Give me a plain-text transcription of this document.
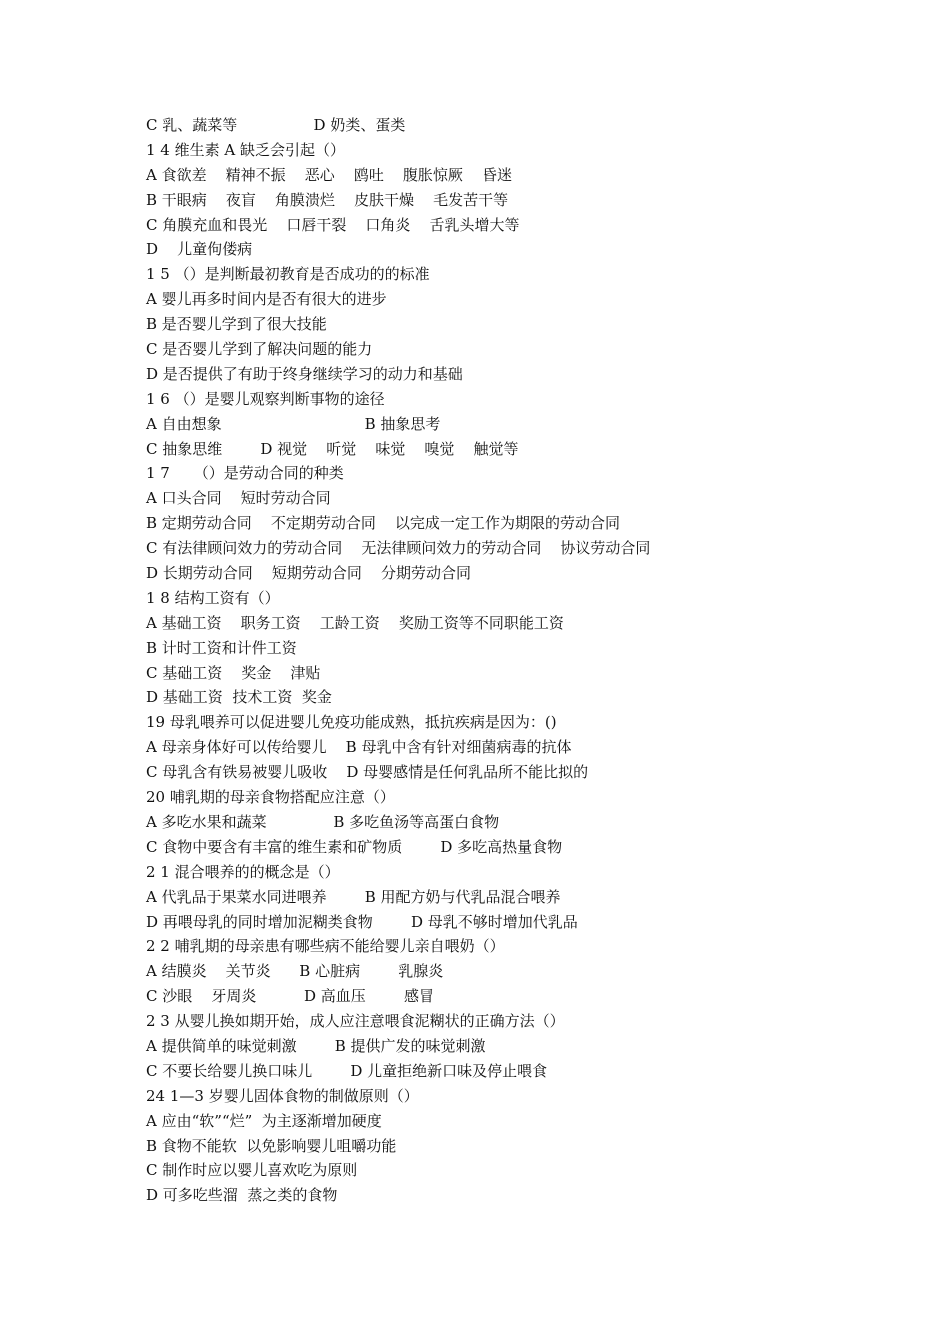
C 乳、蔬菜等                D 奶类、蛋类
1 4 维生素 A 缺乏会引起（）
A 食欲差    精神不振    恶心    鸥吐    腹胀惊厥    昏迷
B 干眼病    夜盲    角膜溃烂    皮肤干燥    毛发苦干等
C 角膜充血和畏光    口唇干裂    口角炎    舌乳头增大等
D    儿童佝偻病
1 5 （）是判断最初教育是否成功的的标准
A 婴儿再多时间内是否有很大的进步
B 是否婴儿学到了很大技能
C 是否婴儿学到了解决问题的能力
D 是否提供了有助于终身继续学习的动力和基础
1 6 （）是婴儿观察判断事物的途径
A 自由想象                              B 抽象思考
C 抽象思维        D 视觉    听觉    味觉    嗅觉    触觉等
1 7     （）是劳动合同的种类
A 口头合同    短时劳动合同
B 定期劳动合同    不定期劳动合同    以完成一定工作为期限的劳动合同
C 有法律顾问效力的劳动合同    无法律顾问效力的劳动合同    协议劳动合同
D 长期劳动合同    短期劳动合同    分期劳动合同
1 8 结构工资有（）
A 基础工资    职务工资    工龄工资    奖励工资等不同职能工资
B 计时工资和计件工资
C 基础工资    奖金    津贴
D 基础工资  技术工资  奖金
19 母乳喂养可以促进婴儿免疫功能成熟，抵抗疾病是因为：()
A 母亲身体好可以传给婴儿    B 母乳中含有针对细菌病毒的抗体
C 母乳含有铁易被婴儿吸收    D 母婴感情是任何乳品所不能比拟的
20 哺乳期的母亲食物搭配应注意（）
A 多吃水果和蔬菜              B 多吃鱼汤等高蛋白食物
C 食物中要含有丰富的维生素和矿物质        D 多吃高热量食物
2 1 混合喂养的的概念是（）
A 代乳品于果菜水同进喂养        B 用配方奶与代乳品混合喂养
D 再喂母乳的同时增加泥糊类食物        D 母乳不够时增加代乳品
2 2 哺乳期的母亲患有哪些病不能给婴儿亲自喂奶（）
A 结膜炎    关节炎      B 心脏病        乳腺炎
C 沙眼    牙周炎          D 高血压        感冒
2 3 从婴儿换如期开始，成人应注意喂食泥糊状的正确方法（）
A 提供简单的味觉刺激        B 提供广发的味觉刺激
C 不要长给婴儿换口味儿        D 儿童拒绝新口味及停止喂食
24 1—3 岁婴儿固体食物的制做原则（）
A 应由“软”“烂”  为主逐渐增加硬度
B 食物不能软  以免影响婴儿咀嚼功能
C 制作时应以婴儿喜欢吃为原则
D 可多吃些溜  蒸之类的食物
